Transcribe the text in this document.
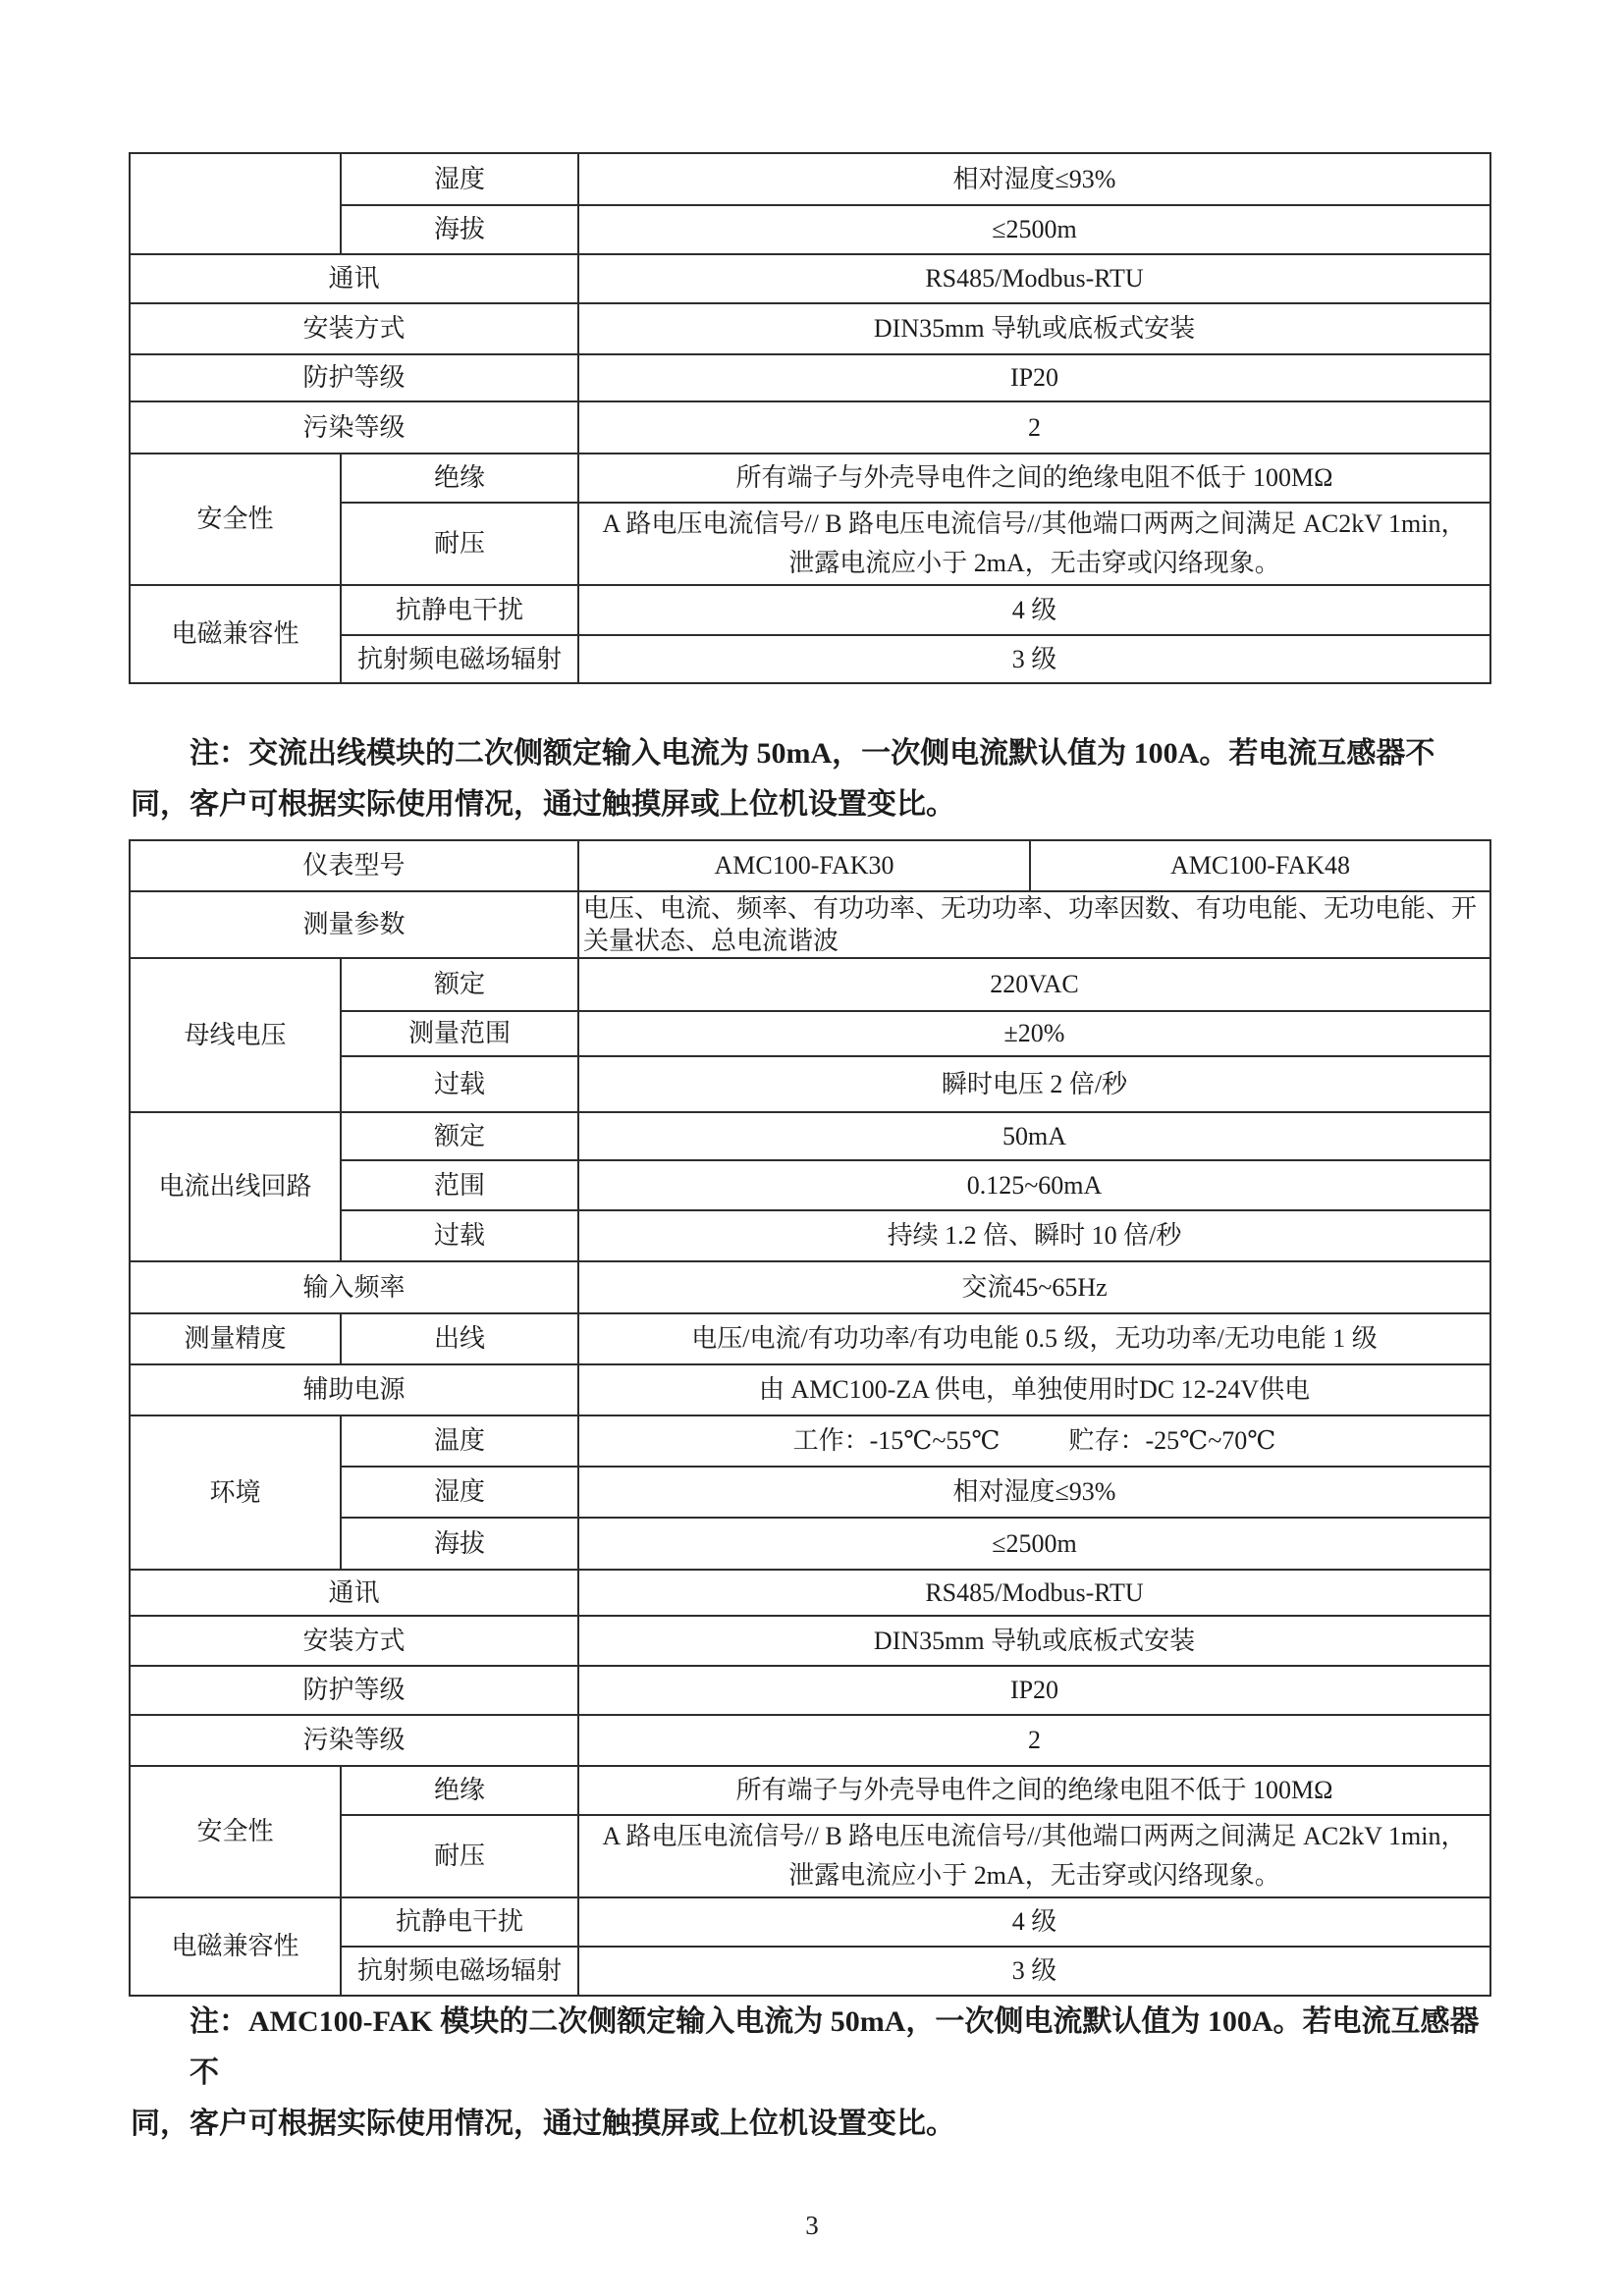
	湿度	相对湿度≤93%
	海拔	≤2500m
通讯		RS485/Modbus-RTU
安装方式		DIN35mm 导轨或底板式安装
防护等级		IP20
污染等级		2
安全性	绝缘	所有端子与外壳导电件之间的绝缘电阻不低于 100MΩ
	耐压	A 路电压电流信号// B 路电压电流信号//其他端口两两之间满足 AC2kV 1min，泄露电流应小于 2mA，无击穿或闪络现象。
电磁兼容性	抗静电干扰	4 级
	抗射频电磁场辐射	3 级
注：交流出线模块的二次侧额定输入电流为 50mA，一次侧电流默认值为 100A。若电流互感器不
同，客户可根据实际使用情况，通过触摸屏或上位机设置变比。
仪表型号		AMC100-FAK30	AMC100-FAK48
测量参数		电压、电流、频率、有功功率、无功功率、功率因数、有功电能、无功电能、开关量状态、总电流谐波	
母线电压	额定	220VAC	
	测量范围	±20%	
	过载	瞬时电压 2 倍/秒	
电流出线回路	额定	50mA	
	范围	0.125~60mA	
	过载	持续 1.2 倍、瞬时 10 倍/秒	
输入频率		交流45~65Hz	
测量精度	出线	电压/电流/有功功率/有功电能 0.5 级，无功功率/无功电能 1 级	
辅助电源		由 AMC100-ZA 供电，单独使用时DC 12-24V供电	
环境	温度	工作：-15℃~55℃ 贮存：-25℃~70℃	
	湿度	相对湿度≤93%	
	海拔	≤2500m	
通讯		RS485/Modbus-RTU	
安装方式		DIN35mm 导轨或底板式安装	
防护等级		IP20	
污染等级		2	
安全性	绝缘	所有端子与外壳导电件之间的绝缘电阻不低于 100MΩ	
	耐压	A 路电压电流信号// B 路电压电流信号//其他端口两两之间满足 AC2kV 1min，泄露电流应小于 2mA，无击穿或闪络现象。	
电磁兼容性	抗静电干扰	4 级	
	抗射频电磁场辐射	3 级	
注：AMC100-FAK 模块的二次侧额定输入电流为 50mA，一次侧电流默认值为 100A。若电流互感器不
同，客户可根据实际使用情况，通过触摸屏或上位机设置变比。
3
